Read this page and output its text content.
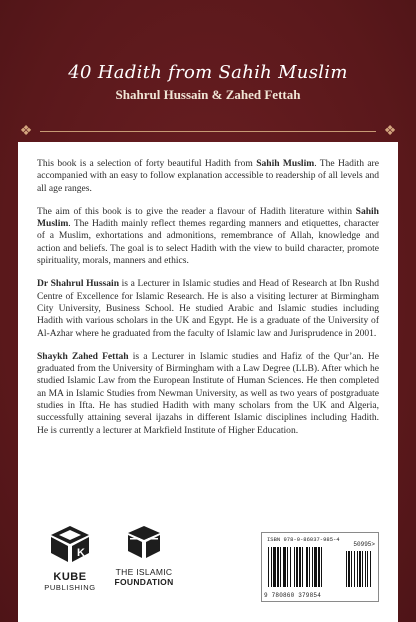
40 Hadith from Sahih Muslim
Shahrul Hussain & Zahed Fettah
❖	❖

This book is a selection of forty beautiful Hadith from Sahih Muslim. The Hadith are accompanied with an easy to follow explanation accessible to readership of all levels and all age ranges.

The aim of this book is to give the reader a flavour of Hadith literature within Sahih Muslim. The Hadith mainly reflect themes regarding manners and etiquettes, character of a Muslim, exhortations and admonitions, remembrance of Allah, knowledge and action and beliefs. The goal is to select Hadith with the view to build character, promote spirituality, morals, manners and ethics.

Dr Shahrul Hussain is a Lecturer in Islamic studies and Head of Research at Ibn Rushd Centre of Excellence for Islamic Research. He is also a visiting lecturer at Birmingham City University, Business School. He studied Arabic and Islamic studies including Hadith with various scholars in the UK and Egypt. He is a graduate of the University of Al-Azhar where he graduated from the faculty of Islamic law and Jurisprudence in 2001.

Shaykh Zahed Fettah is a Lecturer in Islamic studies and Hafiz of the Qur’an. He graduated from the University of Birmingham with a Law Degree (LLB). After which he studied Islamic Law from the European Institute of Human Sciences. He then completed an MA in Islamic Studies from Newman University, as well as two years of postgraduate studies in Ifta. He has studied Hadith with many scholars from the UK and Algeria, successfully attaining several ijazahs in different Islamic disciplines including Hadith. He is currently a lecturer at Markfield Institute of Higher Education.

K
KUBE
PUBLISHING
THE ISLAMIC
FOUNDATION
ISBN 978-0-86037-985-4
50995>
9 780860 379854
